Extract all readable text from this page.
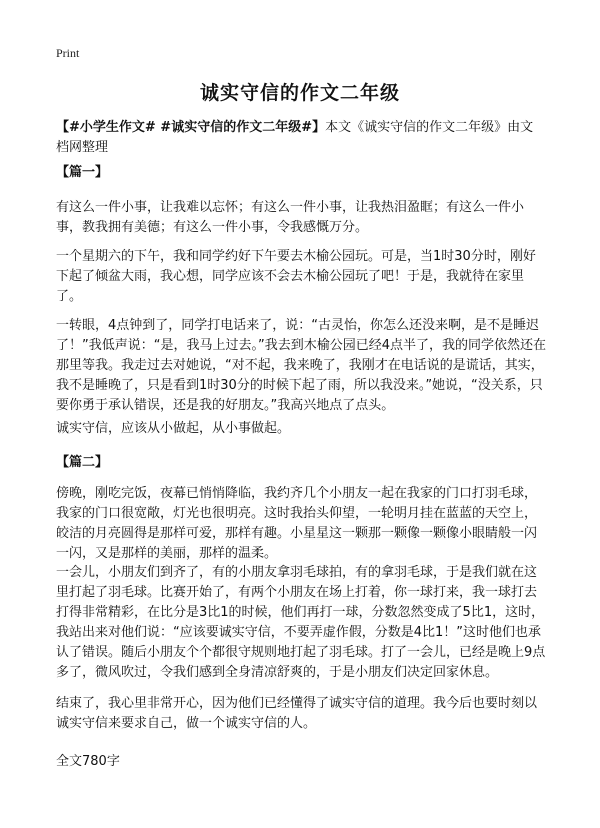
Print
诚实守信的作文二年级
【#小学生作文# #诚实守信的作文二年级#】本文《诚实守信的作文二年级》由文档网整理
【篇一】

有这么一件小事，让我难以忘怀；有这么一件小事，让我热泪盈眶；有这么一件小事，教我拥有美德；有这么一件小事，令我感慨万分。

一个星期六的下午，我和同学约好下午要去木榆公园玩。可是，当1时30分时，刚好下起了倾盆大雨，我心想，同学应该不会去木榆公园玩了吧！于是，我就待在家里了。

一转眼，4点钟到了，同学打电话来了，说：“古灵怡，你怎么还没来啊，是不是睡迟了！”我低声说：“是，我马上过去。”我去到木榆公园已经4点半了，我的同学依然还在那里等我。我走过去对她说，“对不起，我来晚了，我刚才在电话说的是谎话，其实，我不是睡晚了，只是看到1时30分的时候下起了雨，所以我没来。”她说，“没关系，只要你勇于承认错误，还是我的好朋友。”我高兴地点了点头。

诚实守信，应该从小做起，从小事做起。

【篇二】

傍晚，刚吃完饭，夜幕已悄悄降临，我约齐几个小朋友一起在我家的门口打羽毛球，我家的门口很宽敞，灯光也很明亮。这时我抬头仰望，一轮明月挂在蓝蓝的天空上，皎洁的月亮圆得是那样可爱，那样有趣。小星星这一颗那一颗像一颗像小眼睛般一闪一闪，又是那样的美丽，那样的温柔。

一会儿，小朋友们到齐了，有的小朋友拿羽毛球拍，有的拿羽毛球，于是我们就在这里打起了羽毛球。比赛开始了，有两个小朋友在场上打着，你一球打来，我一球打去打得非常精彩，在比分是3比1的时候，他们再打一球，分数忽然变成了5比1，这时，我站出来对他们说：“应该要诚实守信，不要弄虚作假，分数是4比1！”这时他们也承认了错误。随后小朋友个个都很守规则地打起了羽毛球。打了一会儿，已经是晚上9点多了，微风吹过，令我们感到全身清凉舒爽的，于是小朋友们决定回家休息。

结束了，我心里非常开心，因为他们已经懂得了诚实守信的道理。我今后也要时刻以诚实守信来要求自己，做一个诚实守信的人。

全文780字
